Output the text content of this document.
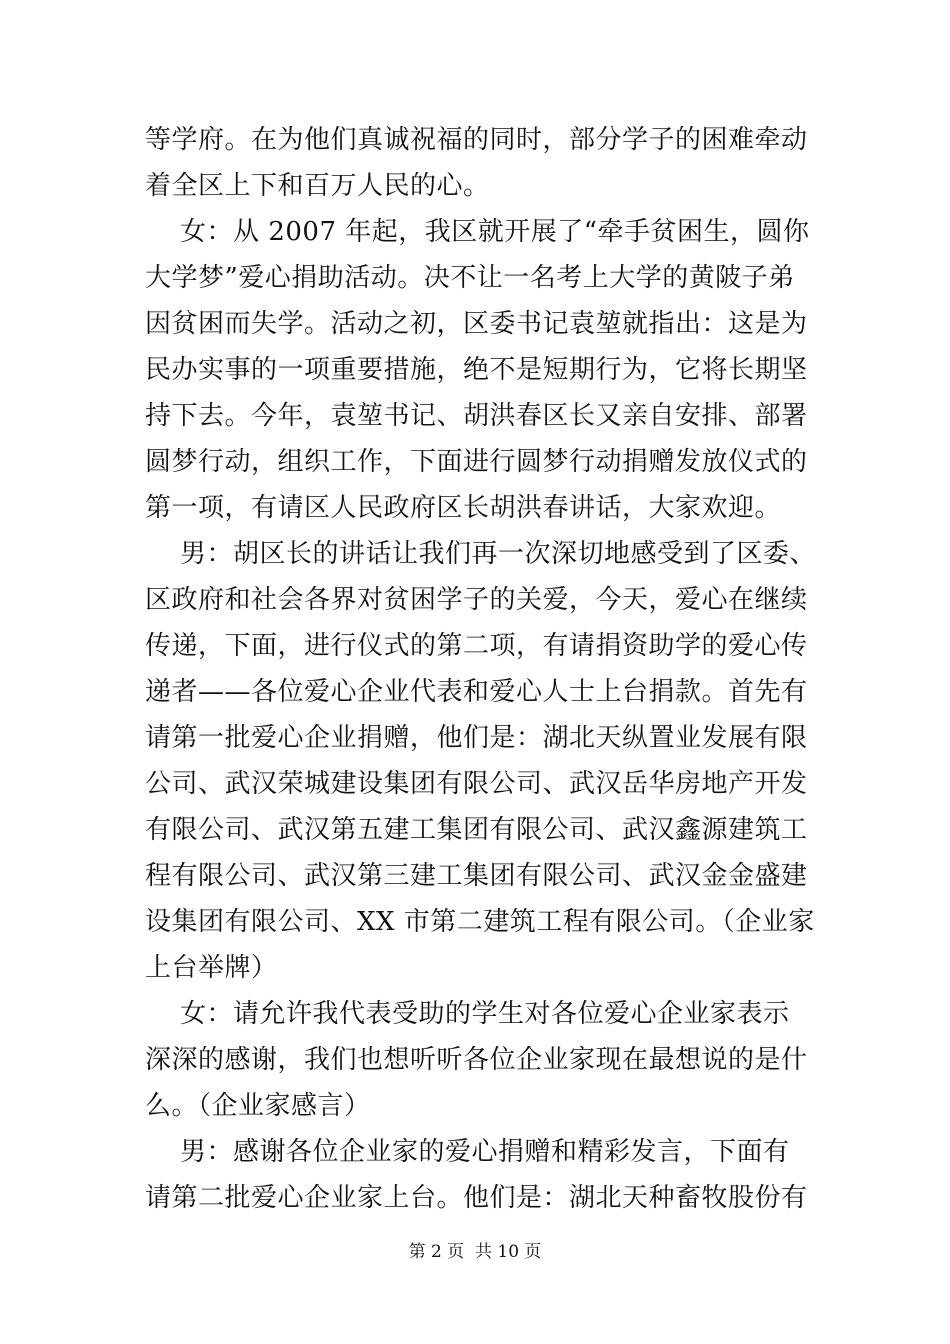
等学府。在为他们真诚祝福的同时，部分学子的困难牵动
着全区上下和百万人民的心。
女：从 2007 年起，我区就开展了“牵手贫困生，圆你
大学梦”爱心捐助活动。决不让一名考上大学的黄陂子弟
因贫困而失学。活动之初，区委书记袁堃就指出：这是为
民办实事的一项重要措施，绝不是短期行为，它将长期坚
持下去。今年，袁堃书记、胡洪春区长又亲自安排、部署
圆梦行动，组织工作，下面进行圆梦行动捐赠发放仪式的
第一项，有请区人民政府区长胡洪春讲话，大家欢迎。
男：胡区长的讲话让我们再一次深切地感受到了区委、
区政府和社会各界对贫困学子的关爱，今天，爱心在继续
传递，下面，进行仪式的第二项，有请捐资助学的爱心传
递者——各位爱心企业代表和爱心人士上台捐款。首先有
请第一批爱心企业捐赠，他们是：湖北天纵置业发展有限
公司、武汉荣城建设集团有限公司、武汉岳华房地产开发
有限公司、武汉第五建工集团有限公司、武汉鑫源建筑工
程有限公司、武汉第三建工集团有限公司、武汉金金盛建
设集团有限公司、XX 市第二建筑工程有限公司。（企业家
上台举牌）
女：请允许我代表受助的学生对各位爱心企业家表示
深深的感谢，我们也想听听各位企业家现在最想说的是什
么。（企业家感言）
男：感谢各位企业家的爱心捐赠和精彩发言，下面有
请第二批爱心企业家上台。他们是：湖北天种畜牧股份有
第 2 页  共 10 页
